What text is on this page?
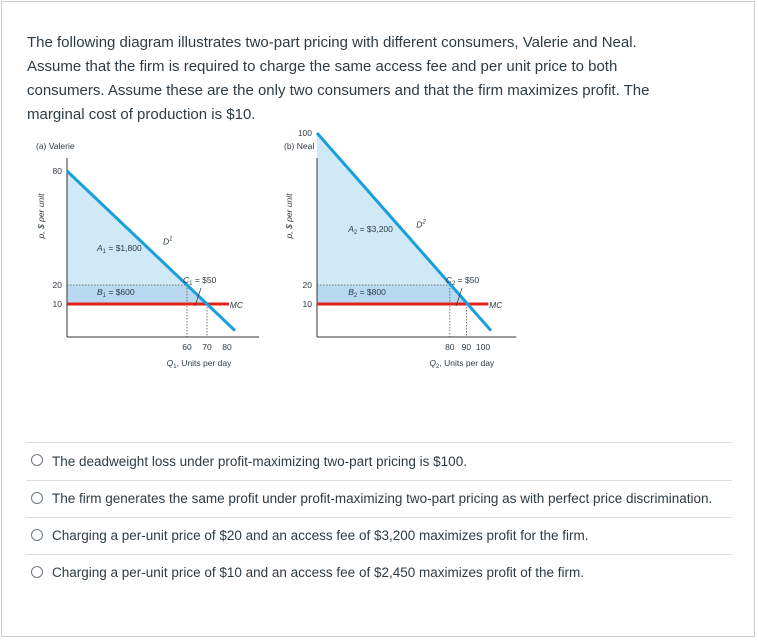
The following diagram illustrates two-part pricing with different consumers, Valerie and Neal.
Assume that the firm is required to charge the same access fee and per unit price to both
consumers. Assume these are the only two consumers and that the firm maximizes profit. The
marginal cost of production is $10.
(a) Valerie
80
20
10
60 70 80
p, $ per unit
$Q_1$, Units per day
$D^1$
$A_1$ = $1,800
$B_1$ = $600
$C_1$ = $50
MC
(b) Neal
100
20
10
80 90 100
p, $ per unit
$Q_2$, Units per day
$D^2$
$A_2$ = $3,200
$B_2$ = $800
$C_2$ = $50
MC
The deadweight loss under profit-maximizing two-part pricing is $100.
The firm generates the same profit under profit-maximizing two-part pricing as with perfect price discrimination.
Charging a per-unit price of $20 and an access fee of $3,200 maximizes profit for the firm.
Charging a per-unit price of $10 and an access fee of $2,450 maximizes profit of the firm.
